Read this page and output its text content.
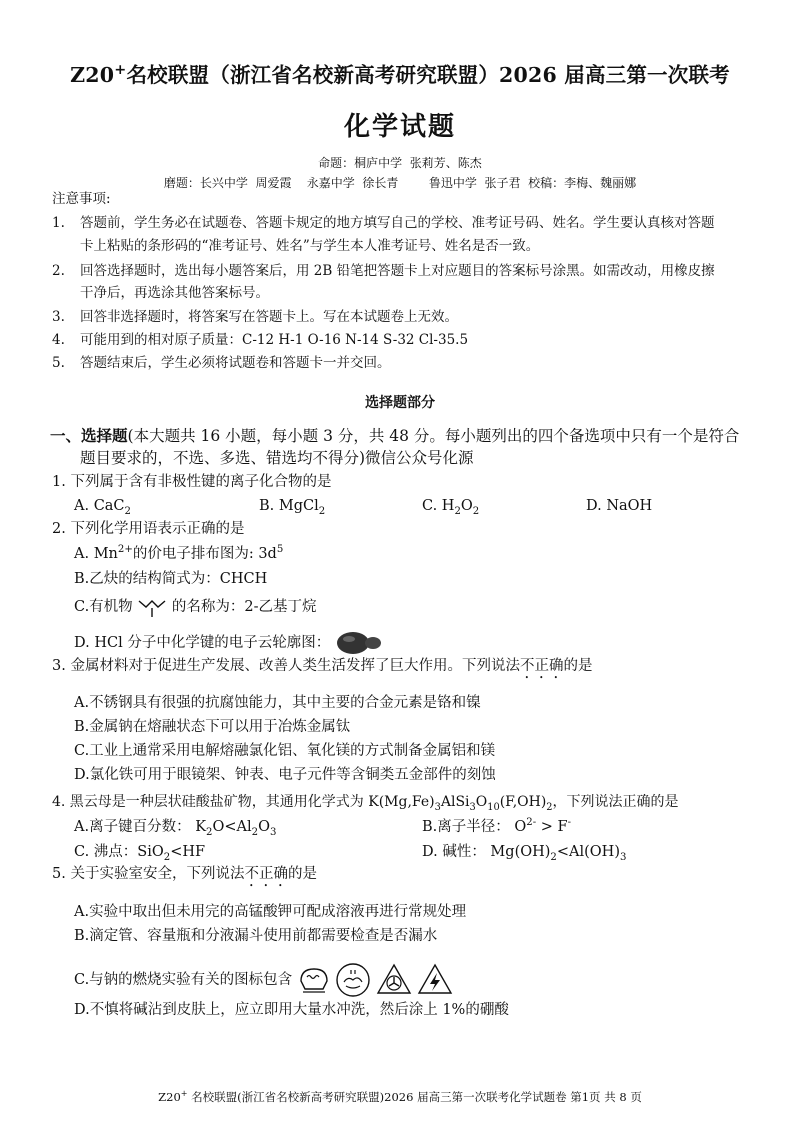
Z20+名校联盟（浙江省名校新高考研究联盟）2026 届高三第一次联考
化学试题
命题：桐庐中学  张莉芳、陈杰
磨题：长兴中学  周爱霞    永嘉中学  徐长青        鲁迅中学  张子君  校稿：李梅、魏丽娜
注意事项:
1. 答题前，学生务必在试题卷、答题卡规定的地方填写自己的学校、准考证号码、姓名。学生要认真核对答题
卡上粘贴的条形码的“准考证号、姓名”与学生本人准考证号、姓名是否一致。
2. 回答选择题时，选出每小题答案后，用 2B 铅笔把答题卡上对应题目的答案标号涂黑。如需改动，用橡皮擦
干净后，再选涂其他答案标号。
3. 回答非选择题时，将答案写在答题卡上。写在本试题卷上无效。
4. 可能用到的相对原子质量：C-12 H-1 O-16 N-14 S-32 Cl-35.5
5. 答题结束后，学生必须将试题卷和答题卡一并交回。
选择题部分
一、选择题(本大题共 16 小题，每小题 3 分，共 48 分。每小题列出的四个备选项中只有一个是符合
题目要求的，不选、多选、错选均不得分)微信公众号化源
1. 下列属于含有非极性键的离子化合物的是
A. CaC$_2$	B. MgCl$_2$	C. $H_2O_2$	D. NaOH
2. 下列化学用语表示正确的是
A. $Mn^{2+}$的价电子排布图为: $3d^5$
B.乙炔的结构简式为：CHCH
C.有机物	的名称为：2-乙基丁烷
D. HCl 分子中化学键的电子云轮廓图：
3. 金属材料对于促进生产发展、改善人类生活发挥了巨大作用。下列说法不正确的是
A.不锈钢具有很强的抗腐蚀能力，其中主要的合金元素是铬和镍
B.金属钠在熔融状态下可以用于冶炼金属钛
C.工业上通常采用电解熔融氯化铝、氧化镁的方式制备金属铝和镁
D.氯化铁可用于眼镜架、钟表、电子元件等含铜类五金部件的刻蚀
4. 黑云母是一种层状硅酸盐矿物，其通用化学式为 $K(Mg,Fe)_3AlSi_3O_{10}(F,OH)_2$，下列说法正确的是
A.离子键百分数： $K_2O<Al_2O_3$	B.离子半径： $O^{2-} > F^-$
C. 沸点：SiO$_2$<HF	D. 碱性： $Mg(OH)_2<Al(OH)_3$
5. 关于实验室安全，下列说法不正确的是
A.实验中取出但未用完的高锰酸钾可配成溶液再进行常规处理
B.滴定管、容量瓶和分液漏斗使用前都需要检查是否漏水
C.与钠的燃烧实验有关的图标包含
D.不慎将碱沾到皮肤上，应立即用大量水冲洗，然后涂上 1%的硼酸
Z20+ 名校联盟(浙江省名校新高考研究联盟)2026 届高三第一次联考化学试题卷 第1页 共 8 页
